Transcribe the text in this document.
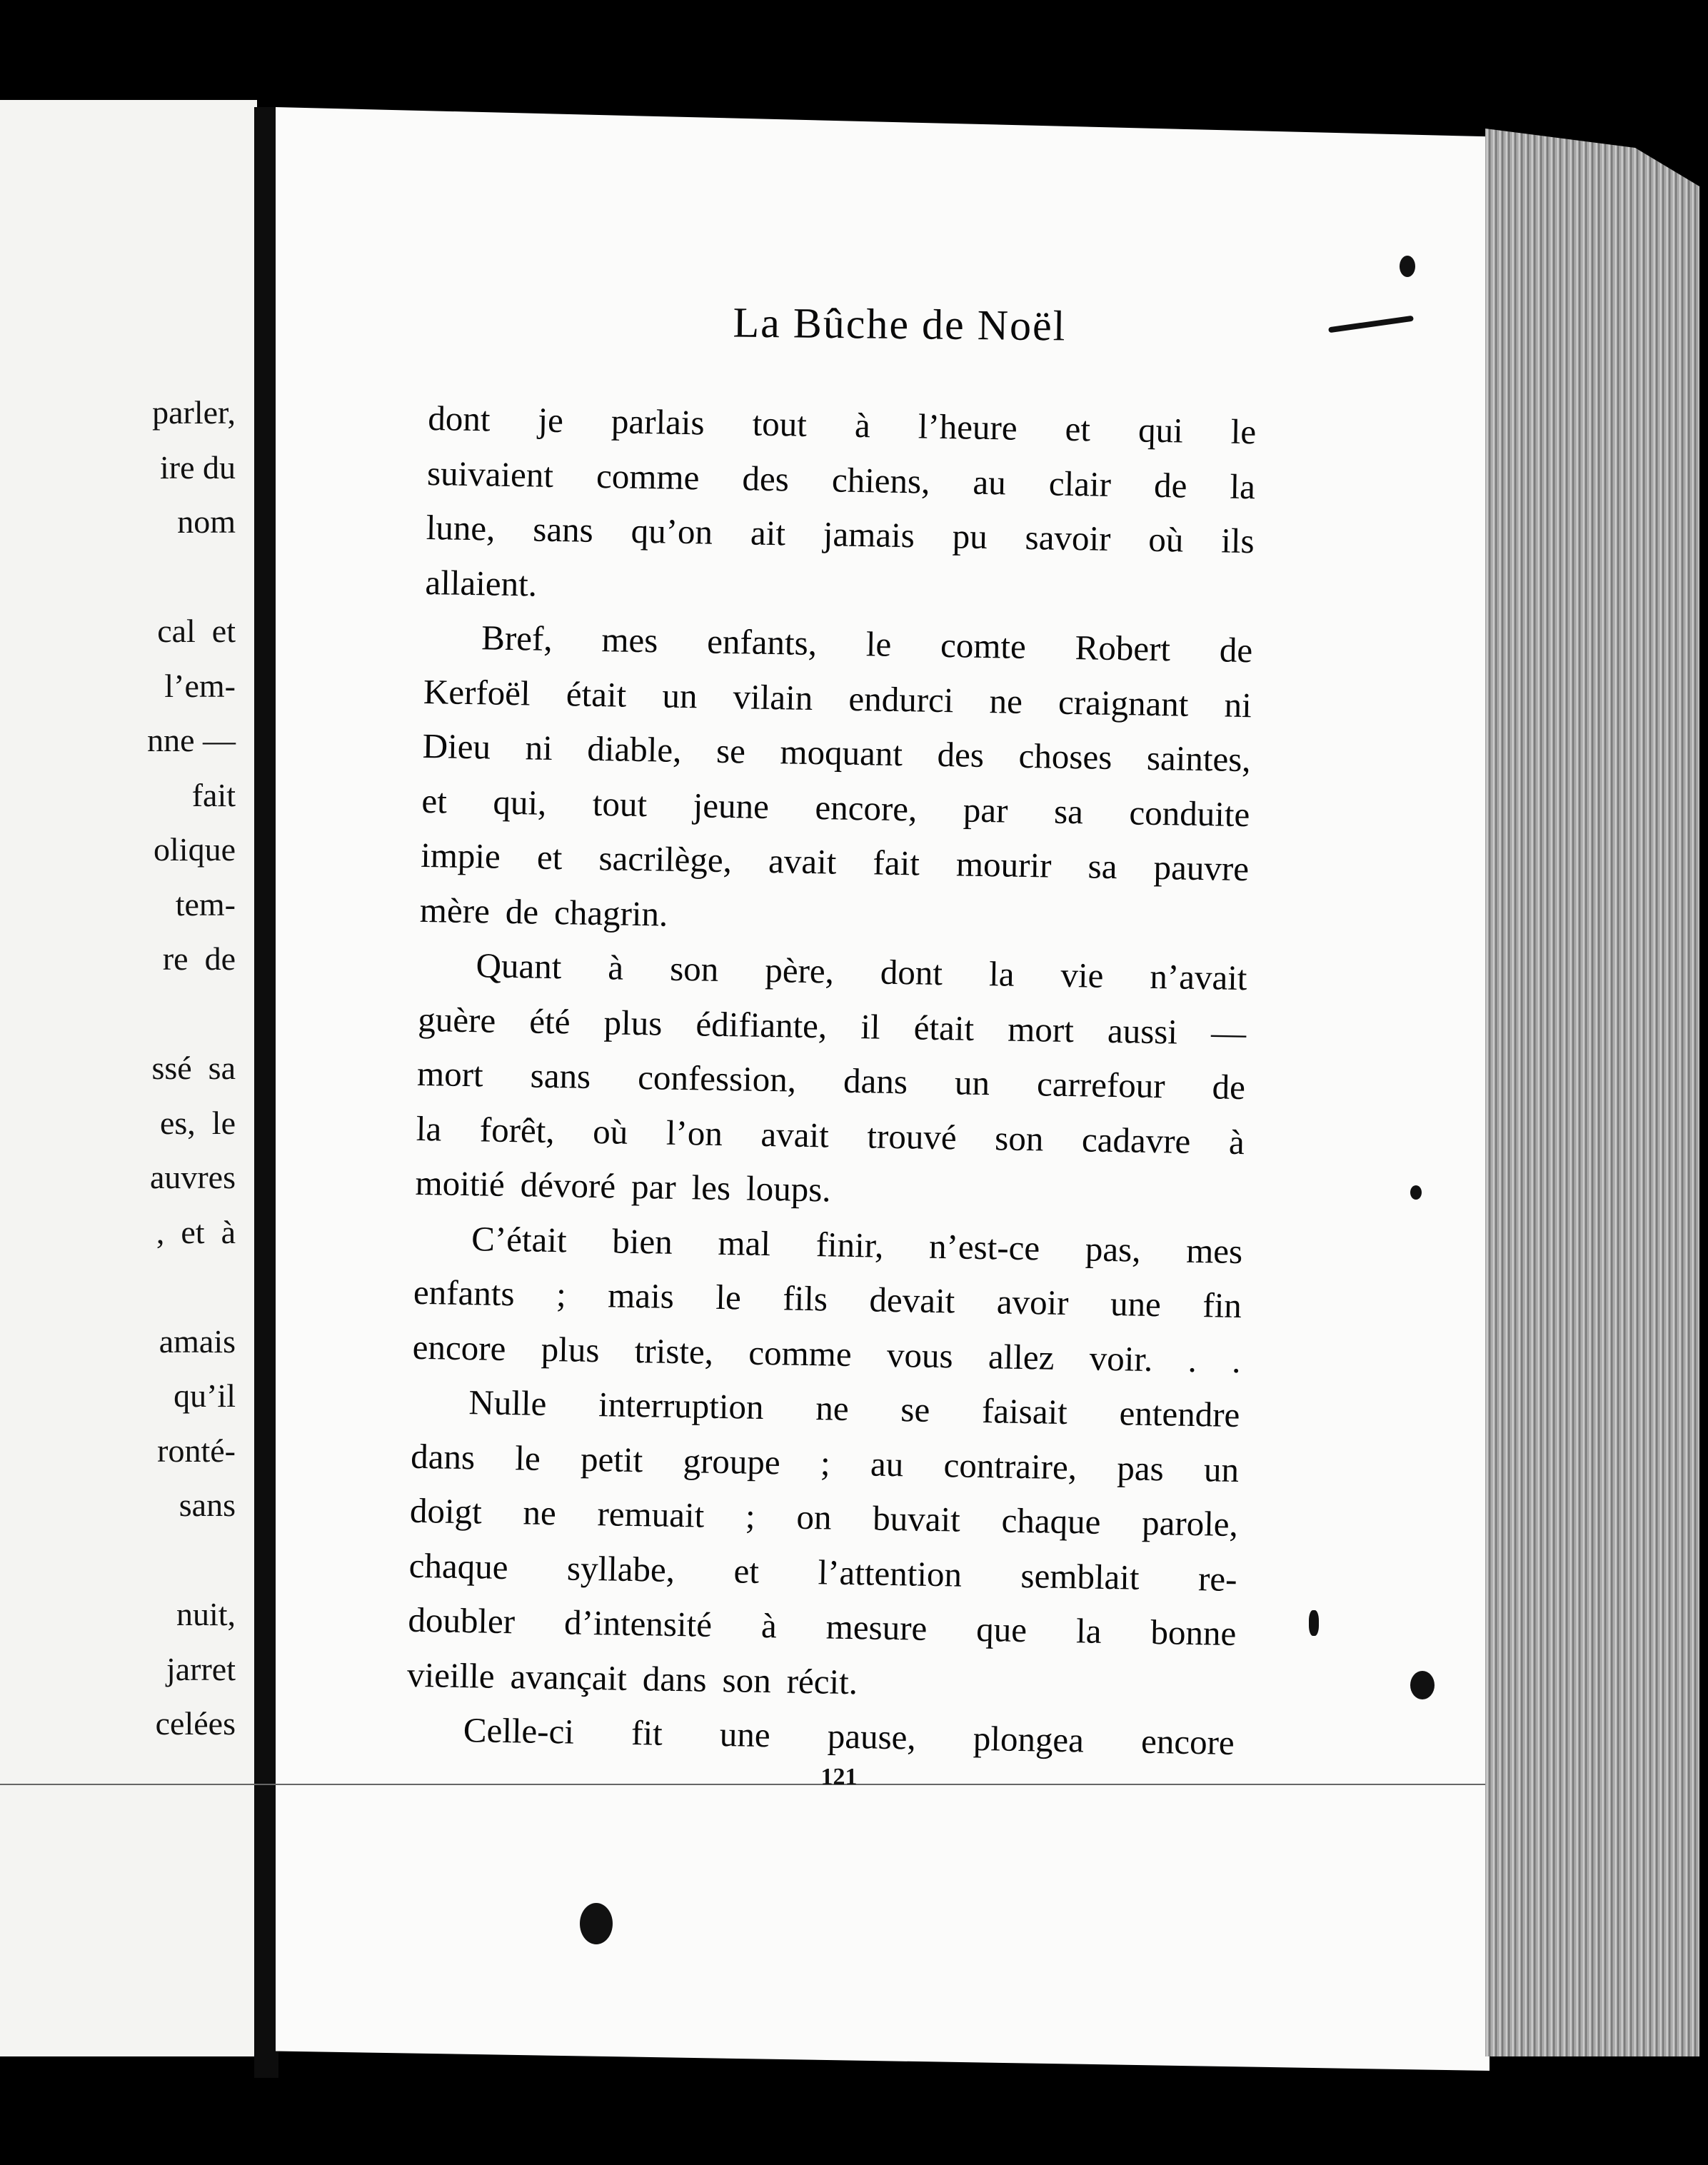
parler,
ire du
nom
cal  et
l’em-
nne —
fait
olique
tem-
re  de
ssé  sa
es,  le
auvres
,  et  à
amais
qu’il
ronté-
sans
nuit,
jarret
celées
La Bûche de Noël
dont je parlais tout à l’heure et qui le
suivaient comme des chiens, au clair de la
lune, sans qu’on ait jamais pu savoir où ils
allaient.
Bref, mes enfants, le comte Robert de
Kerfoël était un vilain endurci ne craignant ni
Dieu ni diable, se moquant des choses saintes,
et qui, tout jeune encore, par sa conduite
impie et sacrilège, avait fait mourir sa pauvre
mère de chagrin.
Quant à son père, dont la vie n’avait
guère été plus édifiante, il était mort aussi —
mort sans confession, dans un carrefour de
la forêt, où l’on avait trouvé son cadavre à
moitié dévoré par les loups.
C’était bien mal finir, n’est-ce pas, mes
enfants ; mais le fils devait avoir une fin
encore plus triste, comme vous allez voir. . .
Nulle interruption ne se faisait entendre
dans le petit groupe ; au contraire, pas un
doigt ne remuait ; on buvait chaque parole,
chaque syllabe, et l’attention semblait re-
doubler d’intensité à mesure que la bonne
vieille avançait dans son récit.
Celle-ci fit une pause, plongea encore
121
